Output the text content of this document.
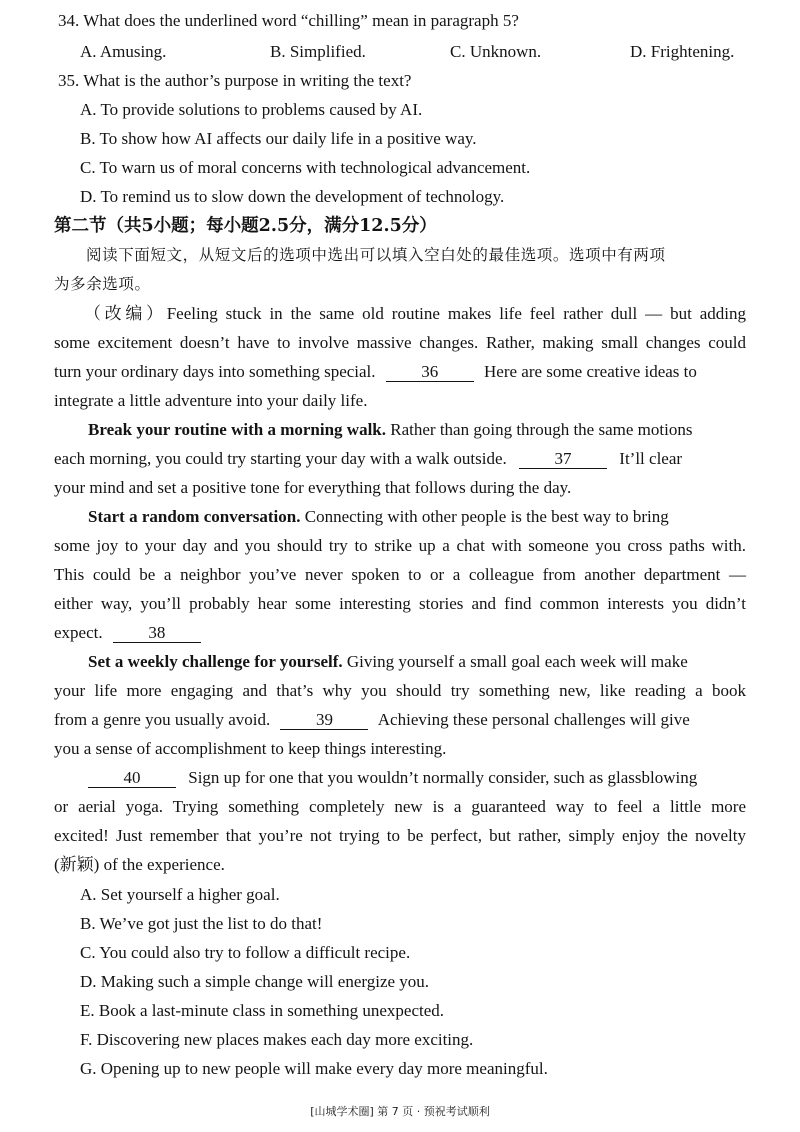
34. What does the underlined word “chilling” mean in paragraph 5?
A. Amusing.	B. Simplified.	C. Unknown.	D. Frightening.
35. What is the author’s purpose in writing the text?
A. To provide solutions to problems caused by AI.
B. To show how AI affects our daily life in a positive way.
C. To warn us of moral concerns with technological advancement.
D. To remind us to slow down the development of technology.
第二节（共5小题；每小题2.5分，满分12.5分）
阅读下面短文，从短文后的选项中选出可以填入空白处的最佳选项。选项中有两项
为多余选项。
（改编）Feeling stuck in the same old routine makes life feel rather dull — but adding
some excitement doesn’t have to involve massive changes. Rather, making small changes could
turn your ordinary days into something special.	36	Here are some creative ideas to
integrate a little adventure into your daily life.
Break your routine with a morning walk. Rather than going through the same motions
each morning, you could try starting your day with a walk outside.	37	It’ll clear
your mind and set a positive tone for everything that follows during the day.
Start a random conversation. Connecting with other people is the best way to bring
some joy to your day and you should try to strike up a chat with someone you cross paths with.
This could be a neighbor you’ve never spoken to or a colleague from another department —
either way, you’ll probably hear some interesting stories and find common interests you didn’t
expect.	38
Set a weekly challenge for yourself. Giving yourself a small goal each week will make
your life more engaging and that’s why you should try something new, like reading a book
from a genre you usually avoid.	39	Achieving these personal challenges will give
you a sense of accomplishment to keep things interesting.
40	Sign up for one that you wouldn’t normally consider, such as glassblowing
or aerial yoga. Trying something completely new is a guaranteed way to feel a little more
excited! Just remember that you’re not trying to be perfect, but rather, simply enjoy the novelty
(新颖) of the experience.
A. Set yourself a higher goal.
B. We’ve got just the list to do that!
C. You could also try to follow a difficult recipe.
D. Making such a simple change will energize you.
E. Book a last-minute class in something unexpected.
F. Discovering new places makes each day more exciting.
G. Opening up to new people will make every day more meaningful.
[山城学术圈] 第 7 页 · 预祝考试顺利
